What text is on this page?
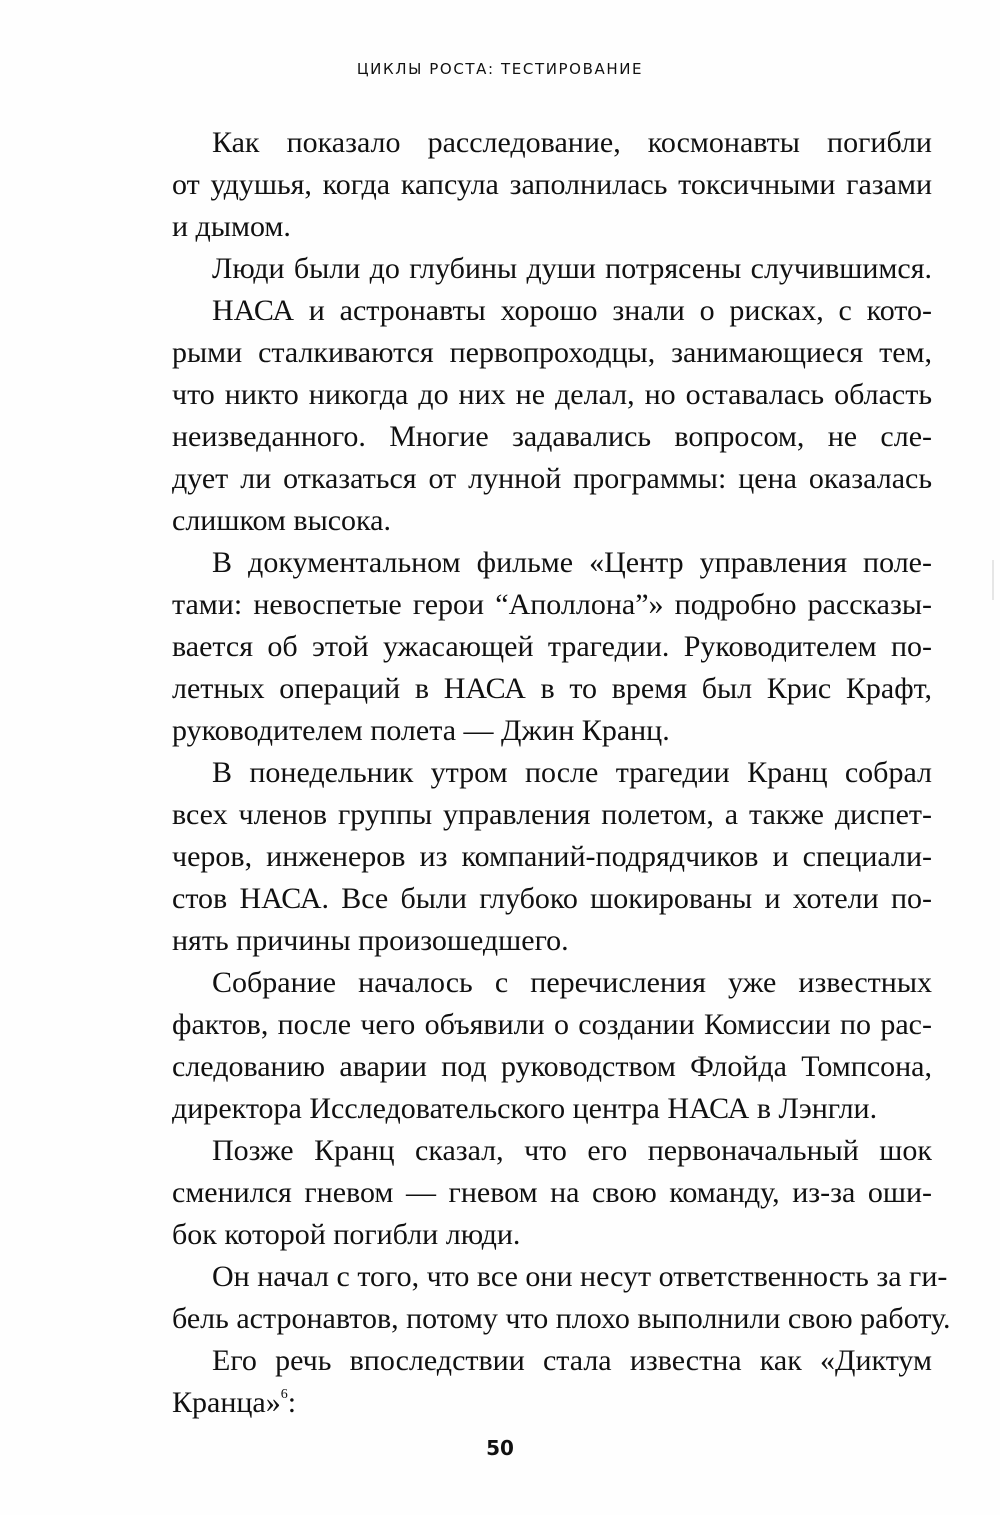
ЦИКЛЫ РОСТА: ТЕСТИРОВАНИЕ
Как показало расследование, космонавты погибли
от удушья, когда капсула заполнилась токсичными газами
и дымом.
Люди были до глубины души потрясены случившимся.
НАСА и астронавты хорошо знали о рисках, с кото-
рыми сталкиваются первопроходцы, занимающиеся тем,
что никто никогда до них не делал, но оставалась область
неизведанного. Многие задавались вопросом, не сле-
дует ли отказаться от лунной программы: цена оказалась
слишком высока.
В документальном фильме «Центр управления поле-
тами: невоспетые герои “Аполлона”» подробно рассказы-
вается об этой ужасающей трагедии. Руководителем по-
летных операций в НАСА в то время был Крис Крафт,
руководителем полета — Джин Кранц.
В понедельник утром после трагедии Кранц собрал
всех членов группы управления полетом, а также диспет-
черов, инженеров из компаний-подрядчиков и специали-
стов НАСА. Все были глубоко шокированы и хотели по-
нять причины произошедшего.
Собрание началось с перечисления уже известных
фактов, после чего объявили о создании Комиссии по рас-
следованию аварии под руководством Флойда Томпсона,
директора Исследовательского центра НАСА в Лэнгли.
Позже Кранц сказал, что его первоначальный шок
сменился гневом — гневом на свою команду, из-за оши-
бок которой погибли люди.
Он начал с того, что все они несут ответственность за ги-
бель астронавтов, потому что плохо выполнили свою работу.
Его речь впоследствии стала известна как «Диктум
Кранца»$^6$:
50
